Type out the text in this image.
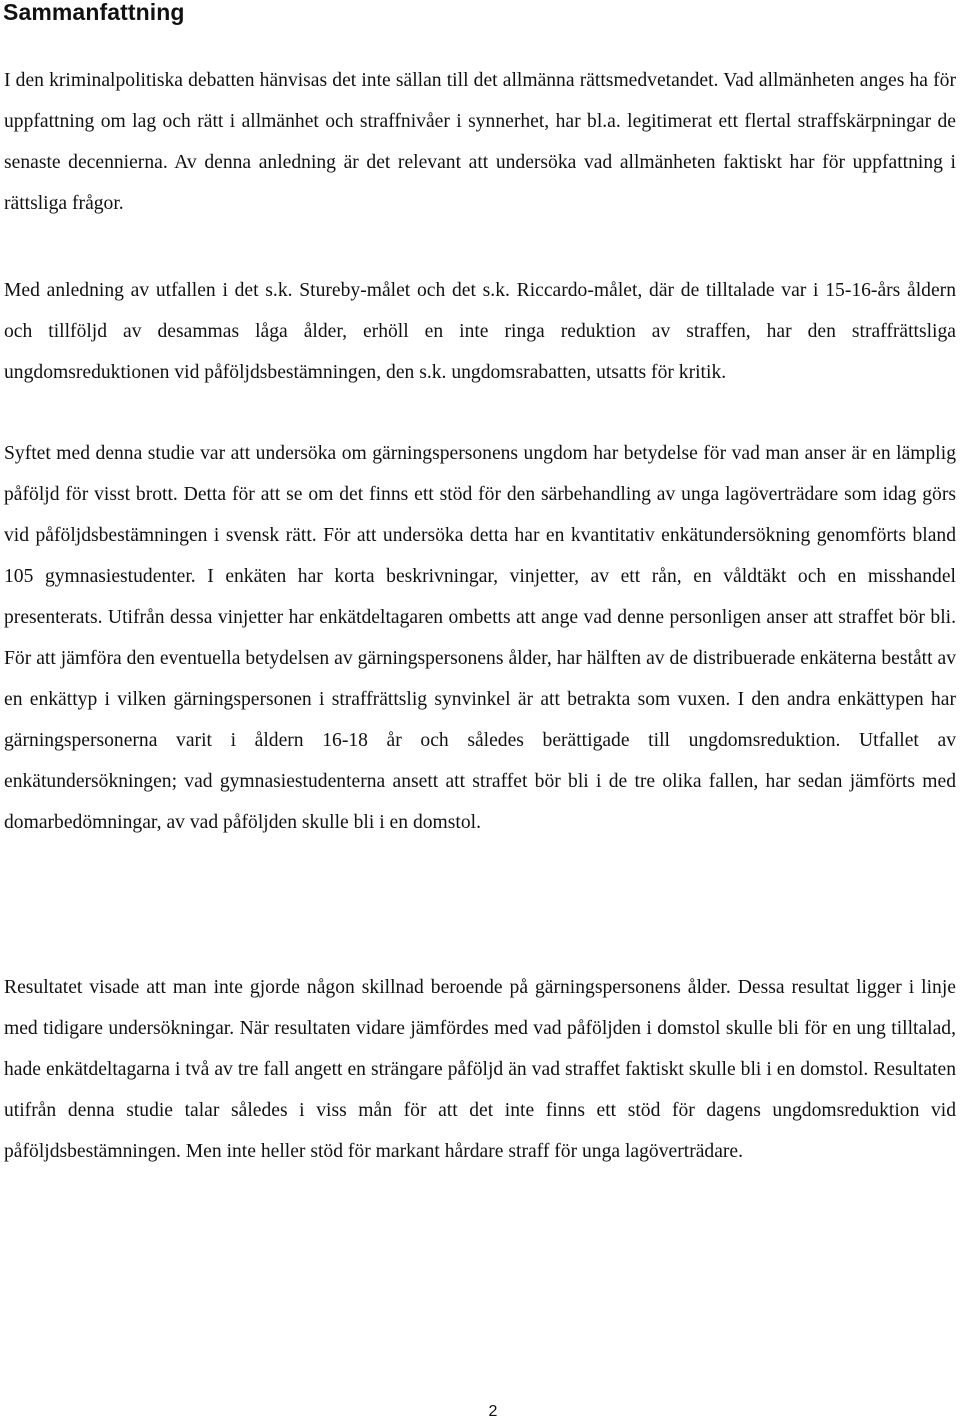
Sammanfattning

I den kriminalpolitiska debatten hänvisas det inte sällan till det allmänna rättsmedvetandet. Vad allmänheten anges ha för uppfattning om lag och rätt i allmänhet och straffnivåer i synnerhet, har bl.a. legitimerat ett flertal straffskärpningar de senaste decennierna. Av denna anledning är det relevant att undersöka vad allmänheten faktiskt har för uppfattning i rättsliga frågor.

Med anledning av utfallen i det s.k. Stureby-målet och det s.k. Riccardo-målet, där de tilltalade var i 15-16-års åldern och tillföljd av desammas låga ålder, erhöll en inte ringa reduktion av straffen, har den straffrättsliga ungdomsreduktionen vid påföljdsbestämningen, den s.k. ungdomsrabatten, utsatts för kritik.

Syftet med denna studie var att undersöka om gärningspersonens ungdom har betydelse för vad man anser är en lämplig påföljd för visst brott. Detta för att se om det finns ett stöd för den särbehandling av unga lagöverträdare som idag görs vid påföljdsbestämningen i svensk rätt. För att undersöka detta har en kvantitativ enkätundersökning genomförts bland 105 gymnasiestudenter. I enkäten har korta beskrivningar, vinjetter, av ett rån, en våldtäkt och en misshandel presenterats. Utifrån dessa vinjetter har enkätdeltagaren ombetts att ange vad denne personligen anser att straffet bör bli. För att jämföra den eventuella betydelsen av gärningspersonens ålder, har hälften av de distribuerade enkäterna bestått av en enkättyp i vilken gärningspersonen i straffrättslig synvinkel är att betrakta som vuxen. I den andra enkättypen har gärningspersonerna varit i åldern 16-18 år och således berättigade till ungdomsreduktion. Utfallet av enkätundersökningen; vad gymnasiestudenterna ansett att straffet bör bli i de tre olika fallen, har sedan jämförts med domarbedömningar, av vad påföljden skulle bli i en domstol.

Resultatet visade att man inte gjorde någon skillnad beroende på gärningspersonens ålder. Dessa resultat ligger i linje med tidigare undersökningar. När resultaten vidare jämfördes med vad påföljden i domstol skulle bli för en ung tilltalad, hade enkätdeltagarna i två av tre fall angett en strängare påföljd än vad straffet faktiskt skulle bli i en domstol. Resultaten utifrån denna studie talar således i viss mån för att det inte finns ett stöd för dagens ungdomsreduktion vid påföljdsbestämningen. Men inte heller stöd för markant hårdare straff för unga lagöverträdare.

2
